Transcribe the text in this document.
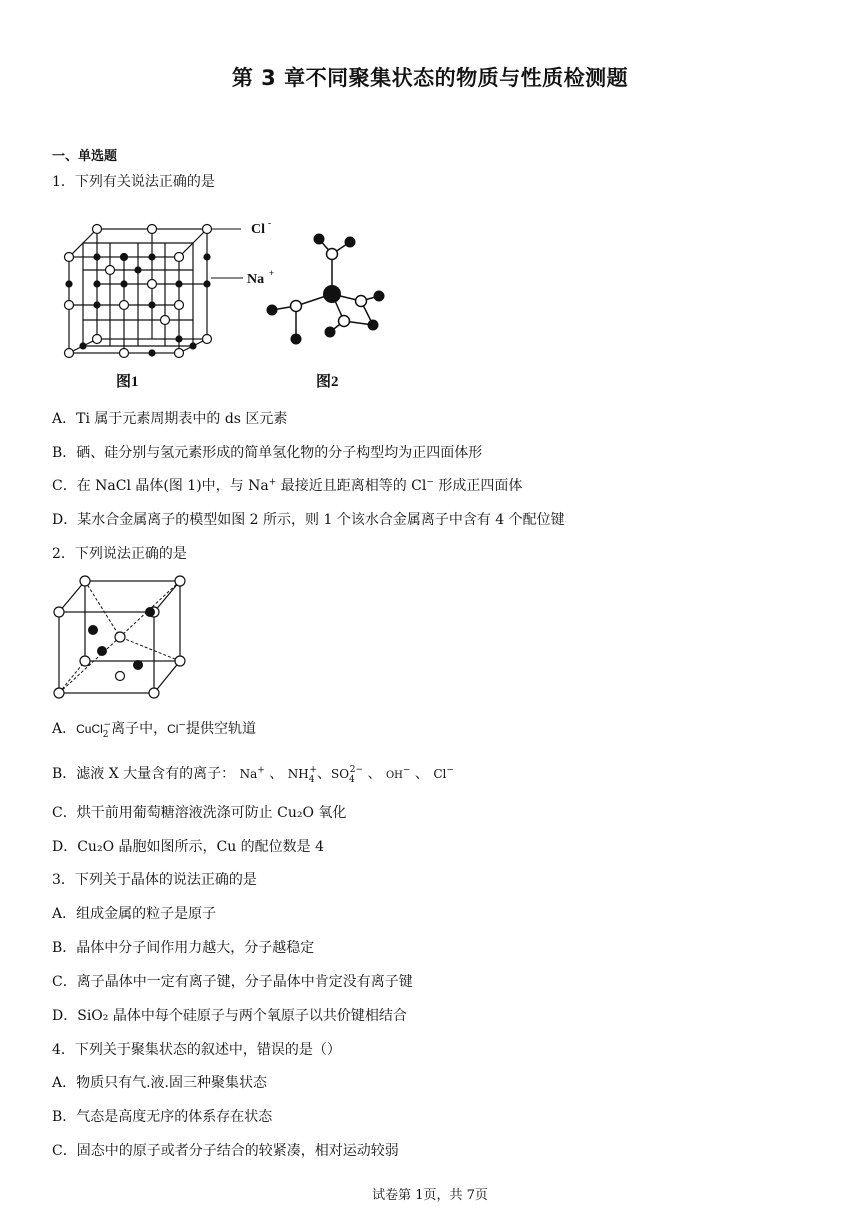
第 3 章不同聚集状态的物质与性质检测题
一、单选题
1．下列有关说法正确的是
Cl -
Na +
图1	图2
A．Ti 属于元素周期表中的 ds 区元素
B．硒、硅分别与氢元素形成的简单氢化物的分子构型均为正四面体形
C．在 NaCl 晶体(图 1)中，与 Na+ 最接近且距离相等的 Cl− 形成正四面体
D．某水合金属离子的模型如图 2 所示，则 1 个该水合金属离子中含有 4 个配位键
2．下列说法正确的是
A．CuCl$_2$−离子中，Cl−提供空轨道
B．滤液 X 大量含有的离子： Na+ 、 $NH_4^+$、$SO_4^{2-}$ 、 OH− 、 Cl−
C．烘干前用葡萄糖溶液洗涤可防止 Cu₂O 氧化
D．Cu₂O 晶胞如图所示，Cu 的配位数是 4
3．下列关于晶体的说法正确的是
A．组成金属的粒子是原子
B．晶体中分子间作用力越大，分子越稳定
C．离子晶体中一定有离子键，分子晶体中肯定没有离子键
D．SiO₂ 晶体中每个硅原子与两个氧原子以共价键相结合
4．下列关于聚集状态的叙述中，错误的是（）
A．物质只有气.液.固三种聚集状态
B．气态是高度无序的体系存在状态
C．固态中的原子或者分子结合的较紧凑，相对运动较弱
试卷第 1页，共 7页
